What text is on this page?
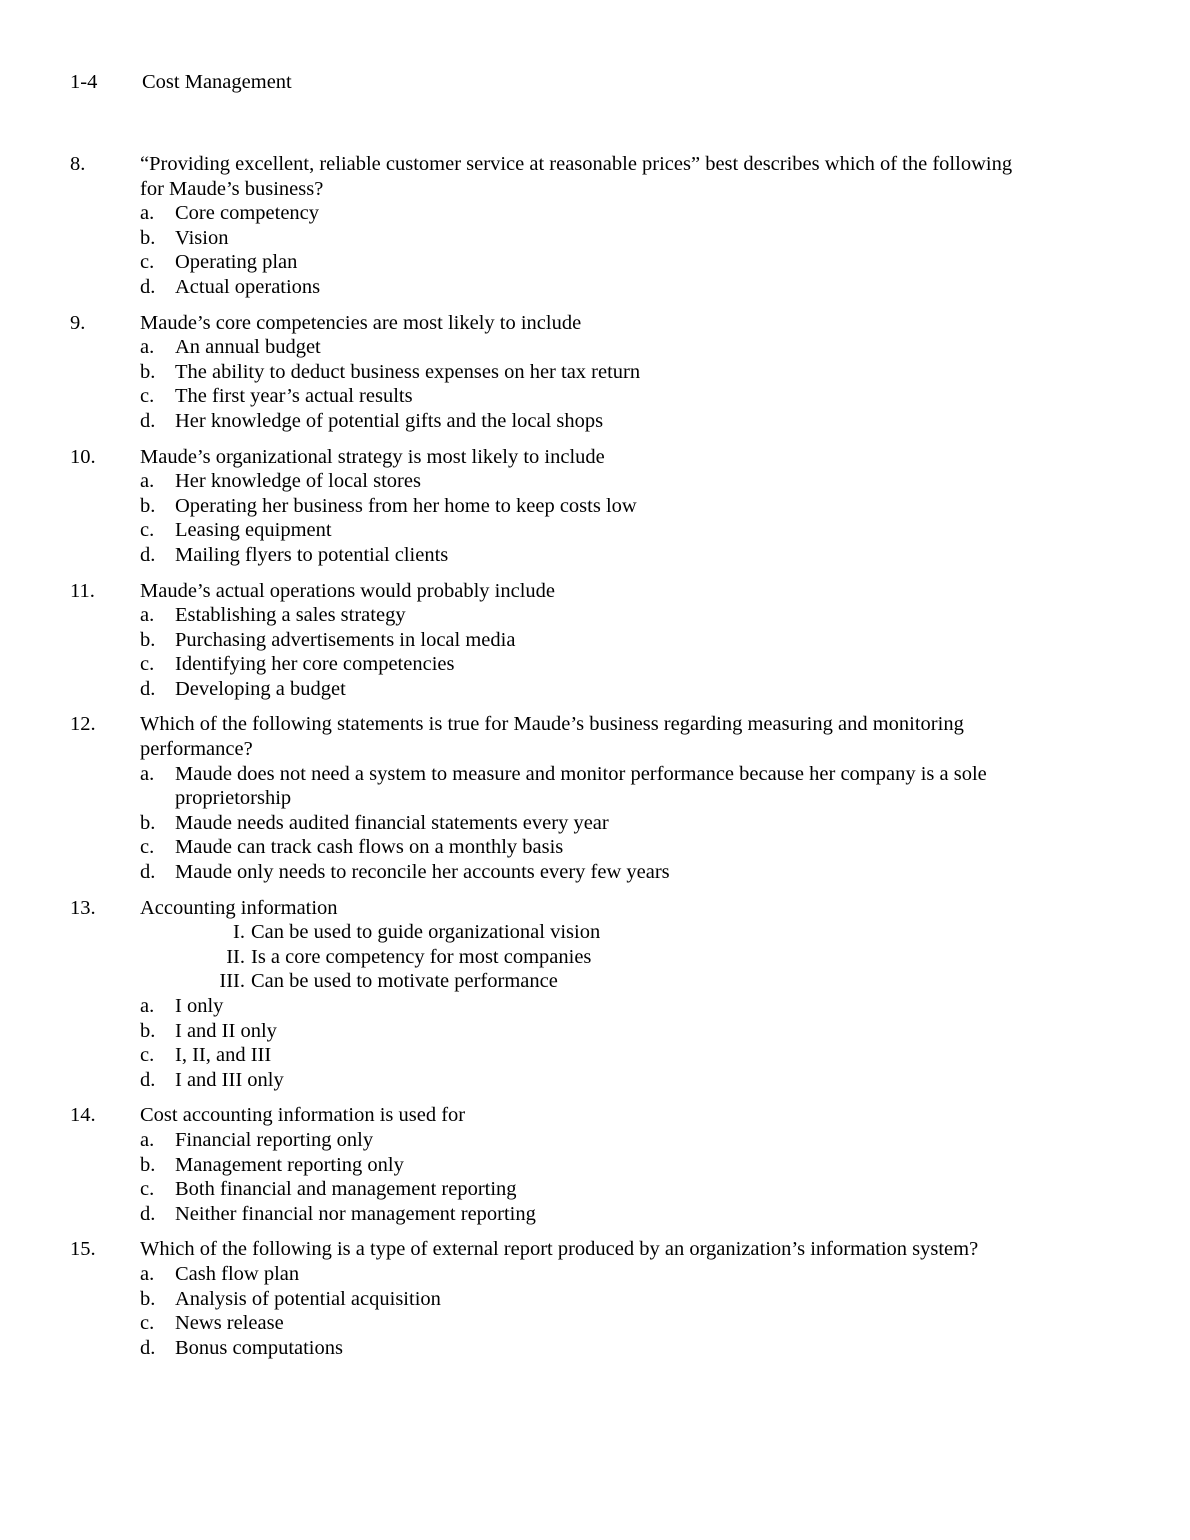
1-4 Cost Management
8.	“Providing excellent, reliable customer service at reasonable prices” best describes which of the following for Maude’s business?
a.	Core competency
b. Vision
c.	Operating plan
d. Actual operations
9.	Maude’s core competencies are most likely to include
a.	An annual budget
b. The ability to deduct business expenses on her tax return
c.	The first year’s actual results
d. Her knowledge of potential gifts and the local shops
10.	Maude’s organizational strategy is most likely to include
a.	Her knowledge of local stores
b. Operating her business from her home to keep costs low
c.	Leasing equipment
d. Mailing flyers to potential clients
11.	Maude’s actual operations would probably include
a.	Establishing a sales strategy
b. Purchasing advertisements in local media
c.	Identifying her core competencies
d. Developing a budget
12.	Which of the following statements is true for Maude’s business regarding measuring and monitoring performance?
a.	Maude does not need a system to measure and monitor performance because her company is a sole proprietorship
b. Maude needs audited financial statements every year
c.	Maude can track cash flows on a monthly basis
d. Maude only needs to reconcile her accounts every few years
13.	Accounting information
I. Can be used to guide organizational vision
II. Is a core competency for most companies
III. Can be used to motivate performance
a.	I only
b. I and II only
c.	I, II, and III
d. I and III only
14.	Cost accounting information is used for
a.	Financial reporting only
b. Management reporting only
c.	Both financial and management reporting
d. Neither financial nor management reporting
15.	Which of the following is a type of external report produced by an organization’s information system?
a.	Cash flow plan
b. Analysis of potential acquisition
c.	News release
d. Bonus computations
